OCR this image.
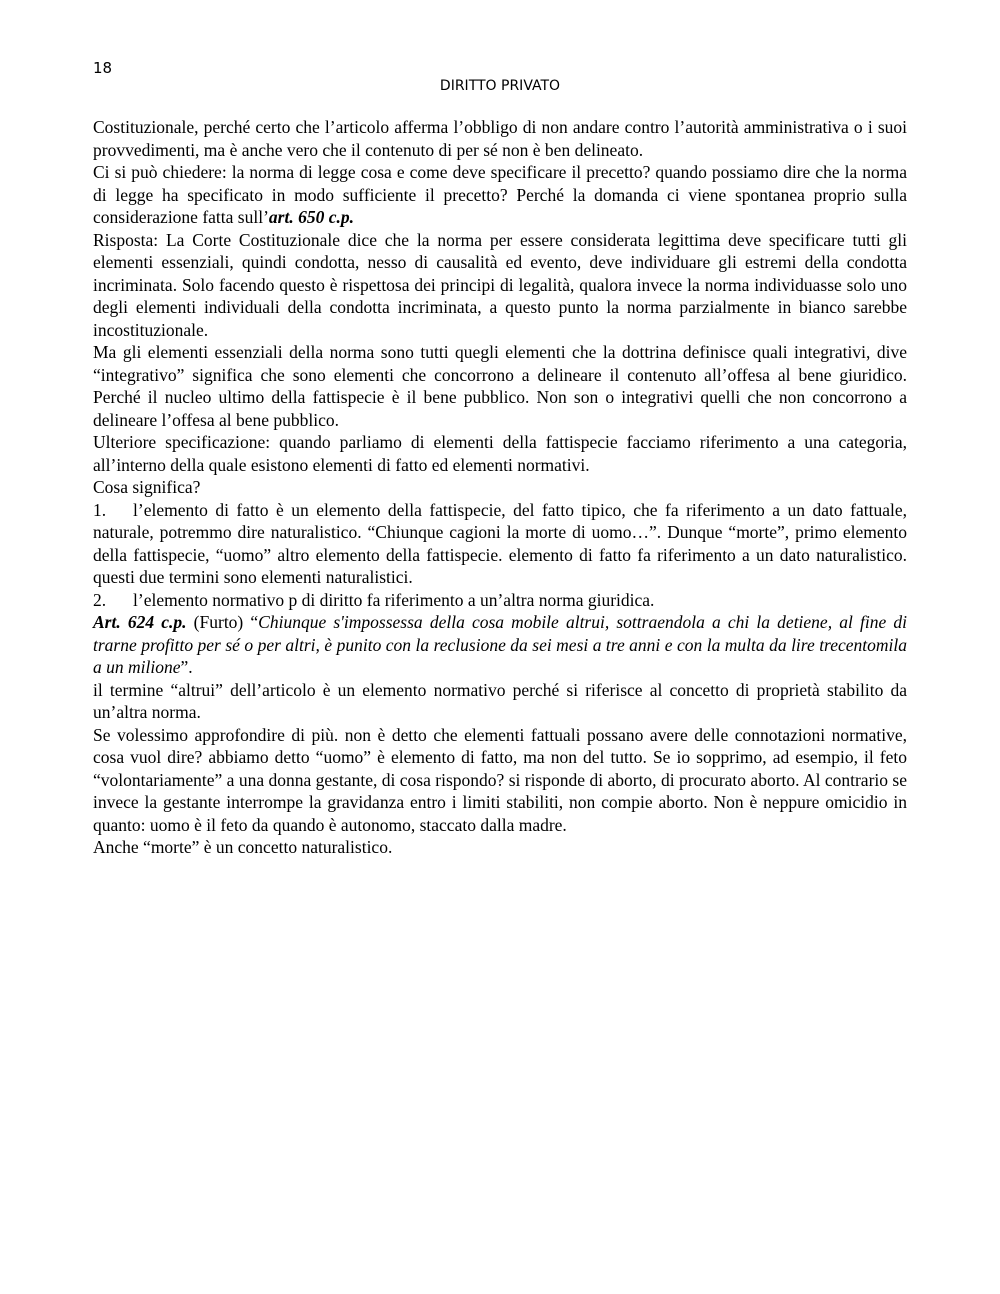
18
DIRITTO PRIVATO

Costituzionale, perché certo che l’articolo afferma l’obbligo di non andare contro l’autorità amministrativa o i suoi provvedimenti, ma è anche vero che il contenuto di per sé non è ben delineato.

Ci si può chiedere: la norma di legge cosa e come deve specificare il precetto? quando possiamo dire che la norma di legge ha specificato in modo sufficiente il precetto? Perché la domanda ci viene spontanea proprio sulla considerazione fatta sull’art. 650 c.p.

Risposta: La Corte Costituzionale dice che la norma per essere considerata legittima deve specificare tutti gli elementi essenziali, quindi condotta, nesso di causalità ed evento, deve individuare gli estremi della condotta incriminata. Solo facendo questo è rispettosa dei principi di legalità, qualora invece la norma individuasse solo uno degli elementi individuali della condotta incriminata, a questo punto la norma parzialmente in bianco sarebbe incostituzionale.

Ma gli elementi essenziali della norma sono tutti quegli elementi che la dottrina definisce quali integrativi, dive “integrativo” significa che sono elementi che concorrono a delineare il contenuto all’offesa al bene giuridico. Perché il nucleo ultimo della fattispecie è il bene pubblico. Non son o integrativi quelli che non concorrono a delineare l’offesa al bene pubblico.

Ulteriore specificazione: quando parliamo di elementi della fattispecie facciamo riferimento a una categoria, all’interno della quale esistono elementi di fatto ed elementi normativi.

Cosa significa?

1. l’elemento di fatto è un elemento della fattispecie, del fatto tipico, che fa riferimento a un dato fattuale, naturale, potremmo dire naturalistico. “Chiunque cagioni la morte di uomo…”. Dunque “morte”, primo elemento della fattispecie, “uomo” altro elemento della fattispecie. elemento di fatto fa riferimento a un dato naturalistico. questi due termini sono elementi naturalistici.

2. l’elemento normativo p di diritto fa riferimento a un’altra norma giuridica.

Art. 624 c.p. (Furto) “Chiunque s'impossessa della cosa mobile altrui, sottraendola a chi la detiene, al fine di trarne profitto per sé o per altri, è punito con la reclusione da sei mesi a tre anni e con la multa da lire trecentomila a un milione”.

il termine “altrui” dell’articolo è un elemento normativo perché si riferisce al concetto di proprietà stabilito da un’altra norma.

Se volessimo approfondire di più. non è detto che elementi fattuali possano avere delle connotazioni normative, cosa vuol dire? abbiamo detto “uomo” è elemento di fatto, ma non del tutto. Se io sopprimo, ad esempio, il feto “volontariamente” a una donna gestante, di cosa rispondo? si risponde di aborto, di procurato aborto. Al contrario se invece la gestante interrompe la gravidanza entro i limiti stabiliti, non compie aborto. Non è neppure omicidio in quanto: uomo è il feto da quando è autonomo, staccato dalla madre.

Anche “morte” è un concetto naturalistico.
